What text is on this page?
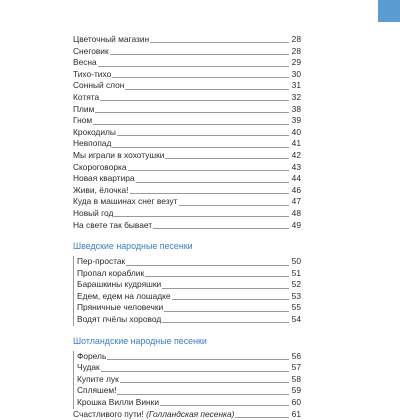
Цветочный магазин	28
Снеговик	28
Весна	29
Тихо-тихо	30
Сонный слон	31
Котята	32
Плим	38
Гном	39
Крокодилы	40
Невпопад	41
Мы играли в хохотушки	42
Скороговорка	43
Новая квартира	44
Живи, ёлочка!	46
Куда в машинах снег везут	47
Новый год	48
На свете так бывает	49
Шведские народные песенки
Пер-простак	50
Пропал кораблик	51
Барашкины кудряшки	52
Едем, едем на лошадке	53
Пряничные человечки	55
Водят пчёлы хоровод	54
Шотландские народные песенки
Форель	56
Чудак	57
Купите лук	58
Спляшем!	59
Крошка Вилли Винки	60
Счастливого пути! (Голландская песенка)	61
